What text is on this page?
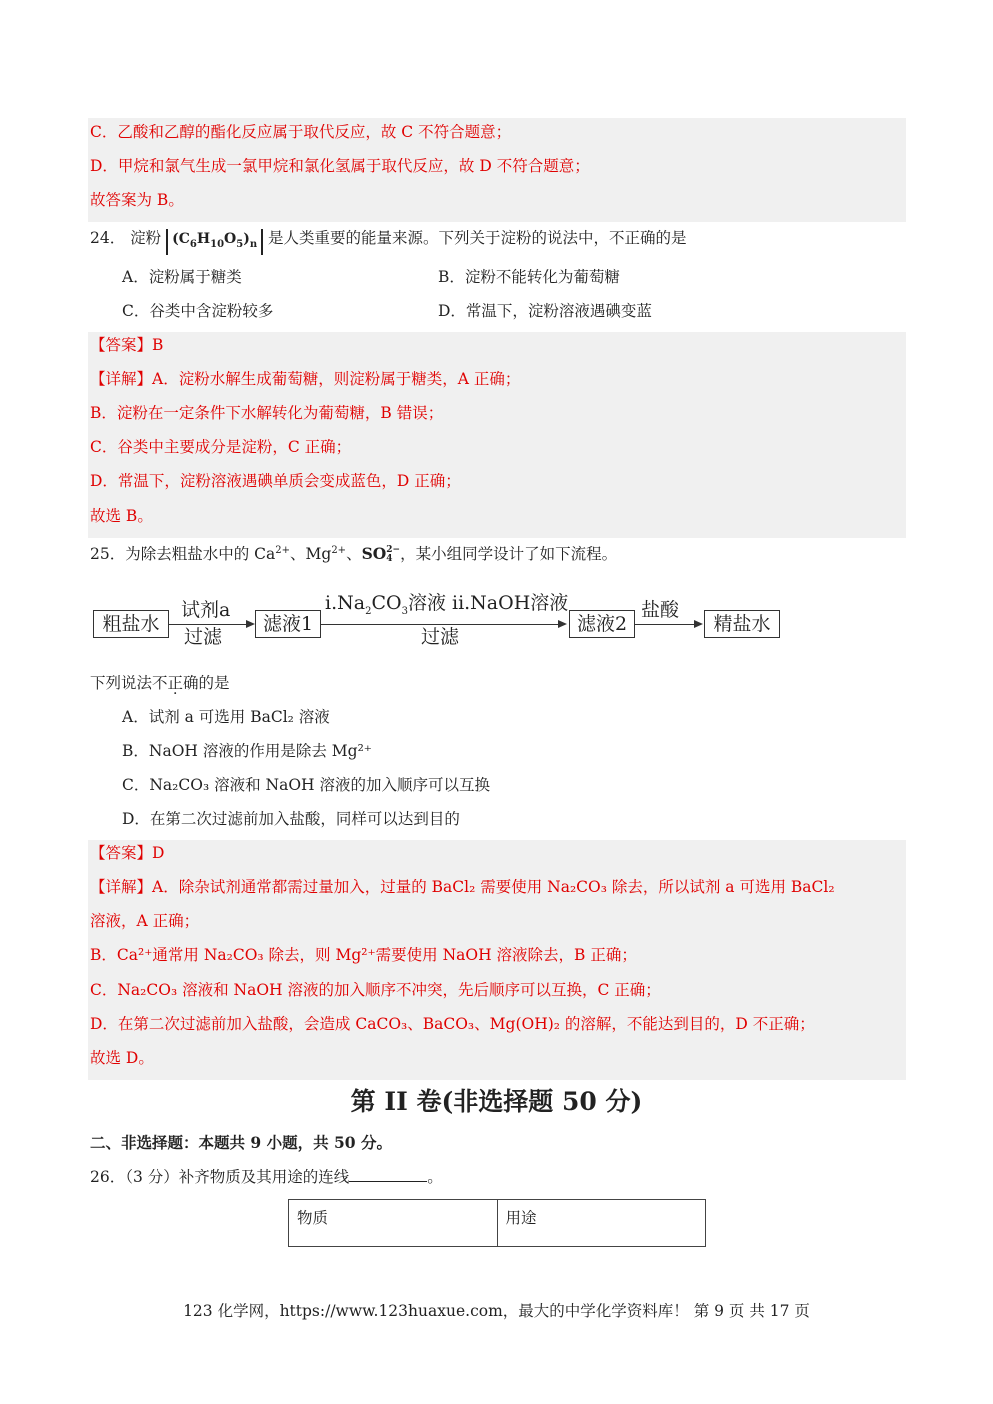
C．乙酸和乙醇的酯化反应属于取代反应，故 C 不符合题意；
D．甲烷和氯气生成一氯甲烷和氯化氢属于取代反应，故 D 不符合题意；
故答案为 B。
24． 淀粉 $(C_6H_{10}O_5)_n$ 是人类重要的能量来源。下列关于淀粉的说法中，不正确的是
A．淀粉属于糖类	B．淀粉不能转化为葡萄糖
C．谷类中含淀粉较多	D．常温下，淀粉溶液遇碘变蓝
【答案】B
【详解】A．淀粉水解生成葡萄糖，则淀粉属于糖类，A 正确；
B．淀粉在一定条件下水解转化为葡萄糖，B 错误；
C．谷类中主要成分是淀粉，C 正确；
D．常温下，淀粉溶液遇碘单质会变成蓝色，D 正确；
故选 B。
25．为除去粗盐水中的 $Ca^{2+}$、$Mg^{2+}$、SO 2−
4 ，某小组同学设计了如下流程。
粗盐水
试剂a
过滤
滤液1
$i.Na_2CO_3$溶液 ii.NaOH溶液
过滤
滤液2
盐酸
精盐水
下列说法不正确的是
A．试剂 a 可选用 BaCl₂ 溶液
B．NaOH 溶液的作用是除去 Mg²⁺
C．Na₂CO₃ 溶液和 NaOH 溶液的加入顺序可以互换
D．在第二次过滤前加入盐酸，同样可以达到目的
【答案】D
【详解】A．除杂试剂通常都需过量加入，过量的 BaCl₂ 需要使用 Na₂CO₃ 除去，所以试剂 a 可选用 BaCl₂
溶液，A 正确；
B．Ca²⁺通常用 Na₂CO₃ 除去，则 Mg²⁺需要使用 NaOH 溶液除去，B 正确；
C．Na₂CO₃ 溶液和 NaOH 溶液的加入顺序不冲突，先后顺序可以互换，C 正确；
D．在第二次过滤前加入盐酸，会造成 CaCO₃、BaCO₃、Mg(OH)₂ 的溶解，不能达到目的，D 不正确；
故选 D。
第 II 卷(非选择题 50 分)
二、非选择题：本题共 9 小题，共 50 分。
26．（3 分）补齐物质及其用途的连线	。
物质	用途
123 化学网，https://www.123huaxue.com，最大的中学化学资料库！ 第 9 页 共 17 页
